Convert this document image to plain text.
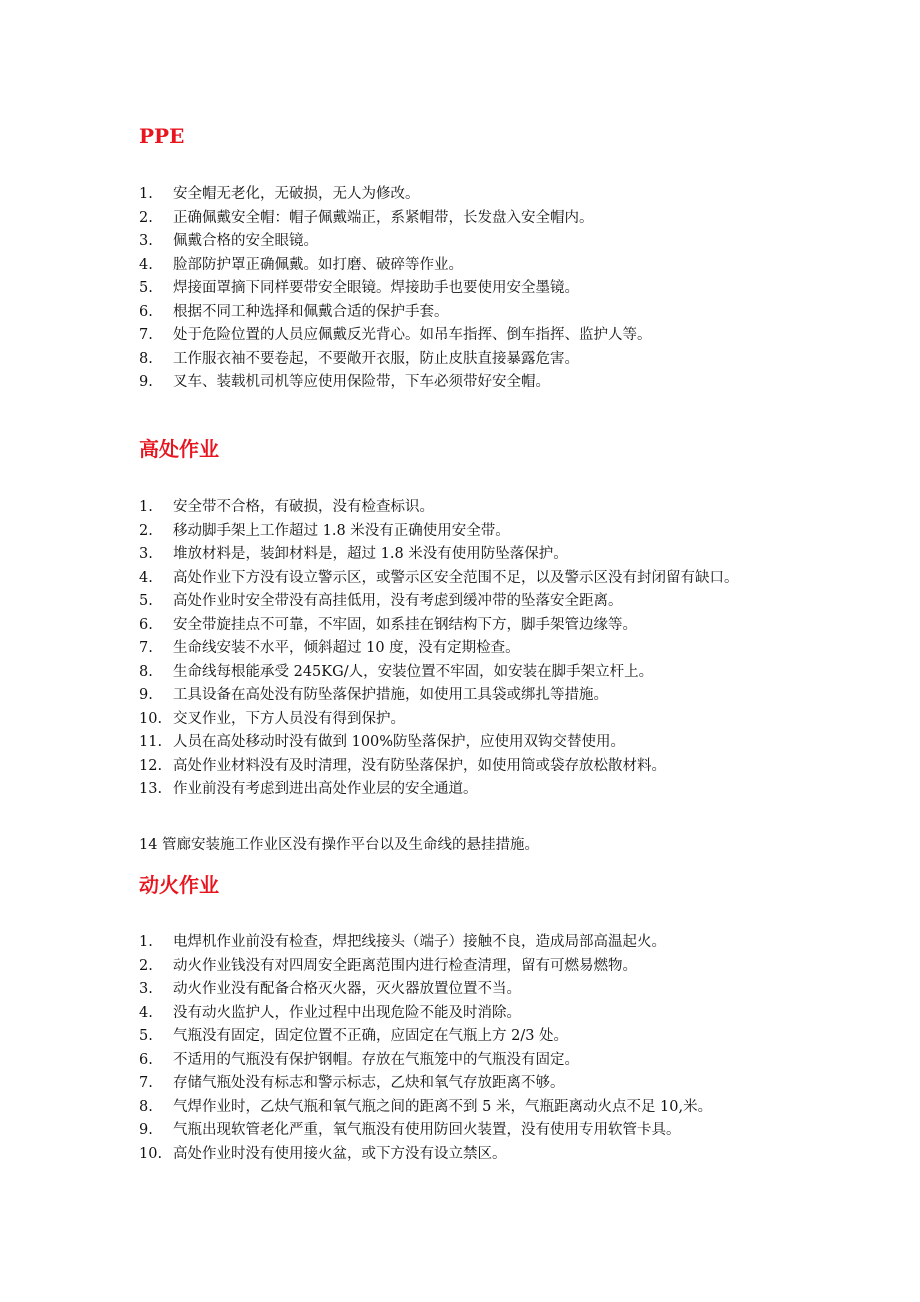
PPE
1.	安全帽无老化，无破损，无人为修改。
2.	正确佩戴安全帽：帽子佩戴端正，系紧帽带，长发盘入安全帽内。
3.	佩戴合格的安全眼镜。
4.	脸部防护罩正确佩戴。如打磨、破碎等作业。
5.	焊接面罩摘下同样要带安全眼镜。焊接助手也要使用安全墨镜。
6.	根据不同工种选择和佩戴合适的保护手套。
7.	处于危险位置的人员应佩戴反光背心。如吊车指挥、倒车指挥、监护人等。
8.	工作服衣袖不要卷起，不要敞开衣服，防止皮肤直接暴露危害。
9.	叉车、装载机司机等应使用保险带，下车必须带好安全帽。
高处作业
1.	安全带不合格，有破损，没有检查标识。
2.	移动脚手架上工作超过 1.8 米没有正确使用安全带。
3.	堆放材料是，装卸材料是，超过 1.8 米没有使用防坠落保护。
4.	高处作业下方没有设立警示区，或警示区安全范围不足，以及警示区没有封闭留有缺口。
5.	高处作业时安全带没有高挂低用，没有考虑到缓冲带的坠落安全距离。
6.	安全带旋挂点不可靠，不牢固，如系挂在钢结构下方，脚手架管边缘等。
7.	生命线安装不水平，倾斜超过 10 度，没有定期检查。
8.	生命线每根能承受 245KG/人，安装位置不牢固，如安装在脚手架立杆上。
9.	工具设备在高处没有防坠落保护措施，如使用工具袋或绑扎等措施。
10. 交叉作业，下方人员没有得到保护。
11. 人员在高处移动时没有做到 100%防坠落保护，应使用双钩交替使用。
12. 高处作业材料没有及时清理，没有防坠落保护，如使用筒或袋存放松散材料。
13. 作业前没有考虑到进出高处作业层的安全通道。
14 管廊安装施工作业区没有操作平台以及生命线的悬挂措施。
动火作业
1.	电焊机作业前没有检查，焊把线接头（端子）接触不良，造成局部高温起火。
2.	动火作业钱没有对四周安全距离范围内进行检查清理，留有可燃易燃物。
3.	动火作业没有配备合格灭火器，灭火器放置位置不当。
4.	没有动火监护人，作业过程中出现危险不能及时消除。
5.	气瓶没有固定，固定位置不正确，应固定在气瓶上方 2/3 处。
6.	不适用的气瓶没有保护钢帽。存放在气瓶笼中的气瓶没有固定。
7.	存储气瓶处没有标志和警示标志，乙炔和氧气存放距离不够。
8.	气焊作业时，乙炔气瓶和氧气瓶之间的距离不到 5 米，气瓶距离动火点不足 10,米。
9.	气瓶出现软管老化严重，氧气瓶没有使用防回火装置，没有使用专用软管卡具。
10. 高处作业时没有使用接火盆，或下方没有设立禁区。
